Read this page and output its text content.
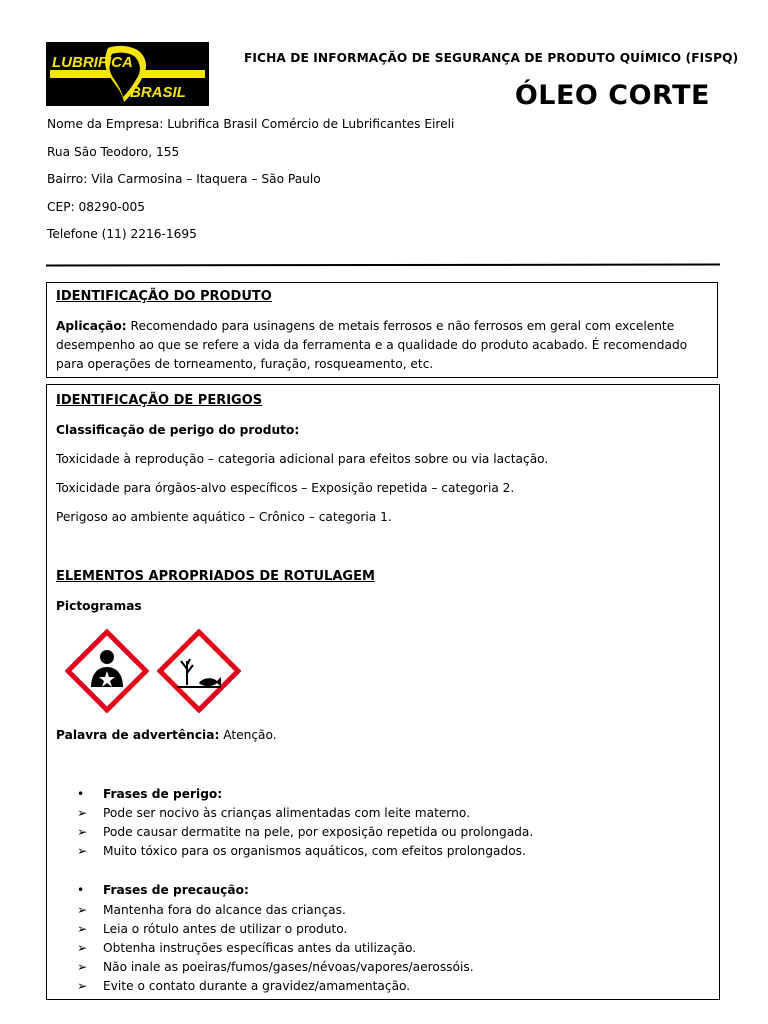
LUBRIFICA
BRASIL
FICHA DE INFORMAÇÃO DE SEGURANÇA DE PRODUTO QUÍMICO (FISPQ)
ÓLEO CORTE
Nome da Empresa: Lubrifica Brasil Comércio de Lubrificantes Eireli
Rua São Teodoro, 155
Bairro: Vila Carmosina – Itaquera – São Paulo
CEP: 08290-005
Telefone (11) 2216-1695
IDENTIFICAÇÃO DO PRODUTO
Aplicação: Recomendado para usinagens de metais ferrosos e não ferrosos em geral com excelente
desempenho ao que se refere a vida da ferramenta e a qualidade do produto acabado. É recomendado
para operações de torneamento, furação, rosqueamento, etc.
IDENTIFICAÇÃO DE PERIGOS
Classificação de perigo do produto:
Toxicidade à reprodução – categoria adicional para efeitos sobre ou via lactação.
Toxicidade para órgãos-alvo específicos – Exposição repetida – categoria 2.
Perigoso ao ambiente aquático – Crônico – categoria 1.
ELEMENTOS APROPRIADOS DE ROTULAGEM
Pictogramas
Palavra de advertência: Atenção.
•	Frases de perigo:
➢	Pode ser nocivo às crianças alimentadas com leite materno.
➢	Pode causar dermatite na pele, por exposição repetida ou prolongada.
➢	Muito tóxico para os organismos aquáticos, com efeitos prolongados.
•	Frases de precaução:
➢	Mantenha fora do alcance das crianças.
➢	Leia o rótulo antes de utilizar o produto.
➢	Obtenha instruções específicas antes da utilização.
➢	Não inale as poeiras/fumos/gases/névoas/vapores/aerossóis.
➢	Evite o contato durante a gravidez/amamentação.
